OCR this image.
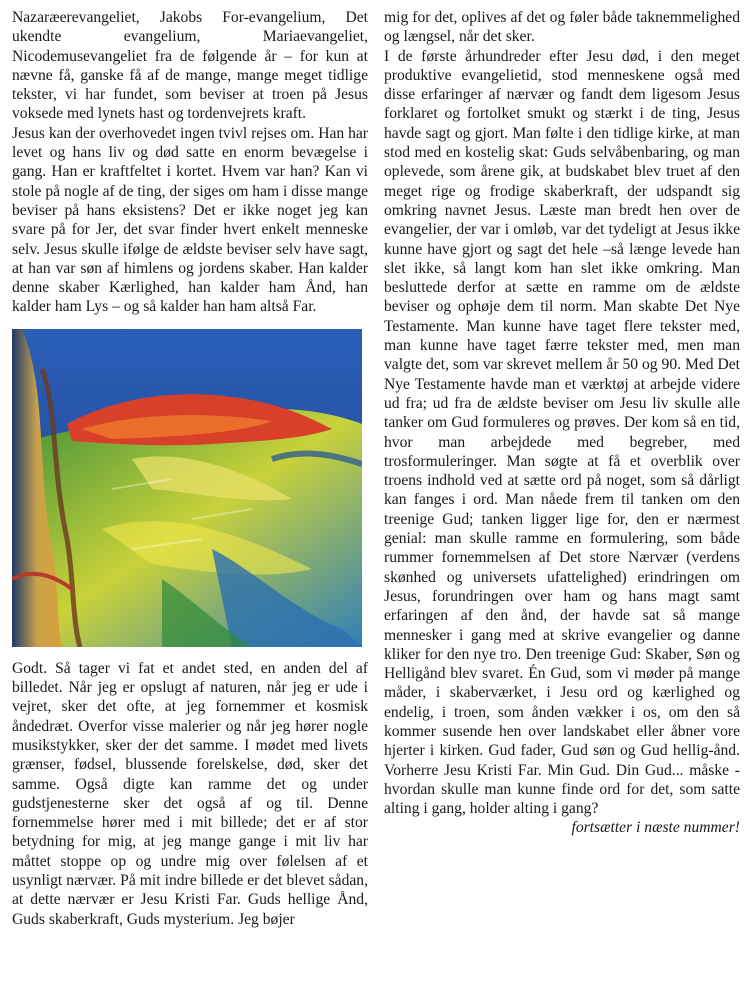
Nazaræerevangeliet, Jakobs For-evangelium, Det ukendte evangelium, Mariaevangeliet, Nicodemusevangeliet fra de følgende år – for kun at nævne få, ganske få af de mange, mange meget tidlige tekster, vi har fundet, som beviser at troen på Jesus voksede med lynets hast og tordenvejrets kraft.

Jesus kan der overhovedet ingen tvivl rejses om. Han har levet og hans liv og død satte en enorm bevægelse i gang. Han er kraftfeltet i kortet. Hvem var han? Kan vi stole på nogle af de ting, der siges om ham i disse mange beviser på hans eksistens? Det er ikke noget jeg kan svare på for Jer, det svar finder hvert enkelt menneske selv. Jesus skulle ifølge de ældste beviser selv have sagt, at han var søn af himlens og jordens skaber. Han kalder denne skaber Kærlighed, han kalder ham Ånd, han kalder ham Lys – og så kalder han ham altså Far.

Godt. Så tager vi fat et andet sted, en anden del af billedet. Når jeg er opslugt af naturen, når jeg er ude i vejret, sker det ofte, at jeg fornemmer et kosmisk åndedræt. Overfor visse malerier og når jeg hører nogle musikstykker, sker der det samme. I mødet med livets grænser, fødsel, blussende forelskelse, død, sker det samme. Også digte kan ramme det og under gudstjenesterne sker det også af og til. Denne fornemmelse hører med i mit billede; det er af stor betydning for mig, at jeg mange gange i mit liv har måttet stoppe op og undre mig over følelsen af et usynligt nærvær. På mit indre billede er det blevet sådan, at dette nærvær er Jesu Kristi Far. Guds hellige Ånd, Guds skaberkraft, Guds mysterium. Jeg bøjer

mig for det, oplives af det og føler både taknemmelighed og længsel, når det sker.

I de første århundreder efter Jesu død, i den meget produktive evangelietid, stod menneskene også med disse erfaringer af nærvær og fandt dem ligesom Jesus forklaret og fortolket smukt og stærkt i de ting, Jesus havde sagt og gjort. Man følte i den tidlige kirke, at man stod med en kostelig skat: Guds selvåbenbaring, og man oplevede, som årene gik, at budskabet blev truet af den meget rige og frodige skaberkraft, der udspandt sig omkring navnet Jesus. Læste man bredt hen over de evangelier, der var i omløb, var det tydeligt at Jesus ikke kunne have gjort og sagt det hele –så længe levede han slet ikke, så langt kom han slet ikke omkring. Man besluttede derfor at sætte en ramme om de ældste beviser og ophøje dem til norm. Man skabte Det Nye Testamente. Man kunne have taget flere tekster med, man kunne have taget færre tekster med, men man valgte det, som var skrevet mellem år 50 og 90. Med Det Nye Testamente havde man et værktøj at arbejde videre ud fra; ud fra de ældste beviser om Jesu liv skulle alle tanker om Gud formuleres og prøves. Der kom så en tid, hvor man arbejdede med begreber, med trosformuleringer. Man søgte at få et overblik over troens indhold ved at sætte ord på noget, som så dårligt kan fanges i ord. Man nåede frem til tanken om den treenige Gud; tanken ligger lige for, den er nærmest genial: man skulle ramme en formulering, som både rummer fornemmelsen af Det store Nærvær (verdens skønhed og universets ufattelighed) erindringen om Jesus, forundringen over ham og hans magt samt erfaringen af den ånd, der havde sat så mange mennesker i gang med at skrive evangelier og danne kliker for den nye tro. Den treenige Gud: Skaber, Søn og Helligånd blev svaret. Én Gud, som vi møder på mange måder, i skaberværket, i Jesu ord og kærlighed og endelig, i troen, som ånden vækker i os, om den så kommer susende hen over landskabet eller åbner vore hjerter i kirken. Gud fader, Gud søn og Gud hellig-ånd. Vorherre Jesu Kristi Far. Min Gud. Din Gud... måske - hvordan skulle man kunne finde ord for det, som satte alting i gang, holder alting i gang?

fortsætter i næste nummer!
